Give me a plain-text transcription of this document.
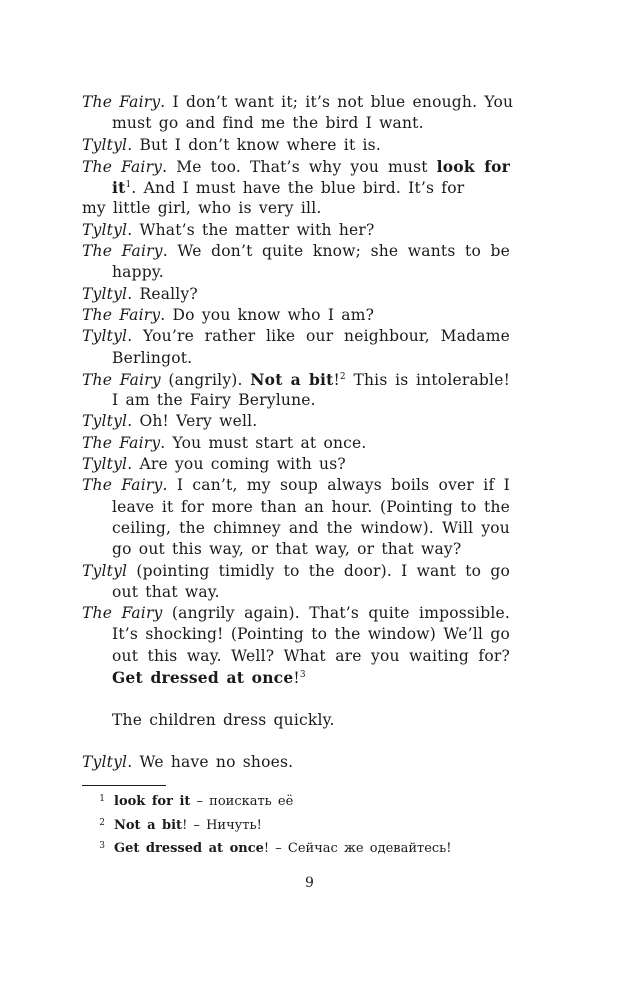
The Fairy. I don’t want it; it’s not blue enough. You
must go and find me the bird I want.
Tyltyl. But I don’t know where it is.
The Fairy. Me too. That’s why you must look for
$it^1$. And I must have the blue bird. It’s for
my little girl, who is very ill.
Tyltyl. What’s the matter with her?
The Fairy. We don’t quite know; she wants to be
happy.
Tyltyl. Really?
The Fairy. Do you know who I am?
Tyltyl. You’re rather like our neighbour, Madame
Berlingot.
The Fairy (angrily). Not a bit!$^2$ This is intolerable!
I am the Fairy Berylune.
Tyltyl. Oh! Very well.
The Fairy. You must start at once.
Tyltyl. Are you coming with us?
The Fairy. I can’t, my soup always boils over if I
leave it for more than an hour. (Pointing to the
ceiling, the chimney and the window). Will you
go out this way, or that way, or that way?
Tyltyl (pointing timidly to the door). I want to go
out that way.
The Fairy (angrily again). That’s quite impossible.
It’s shocking! (Pointing to the window) We’ll go
out this way. Well? What are you waiting for?
Get dressed at once!$^3$
The children dress quickly.
Tyltyl. We have no shoes.
1 look for it – поискать её
2 Not a bit! – Ничуть!
3 Get dressed at once! – Сейчас же одевайтесь!
9
